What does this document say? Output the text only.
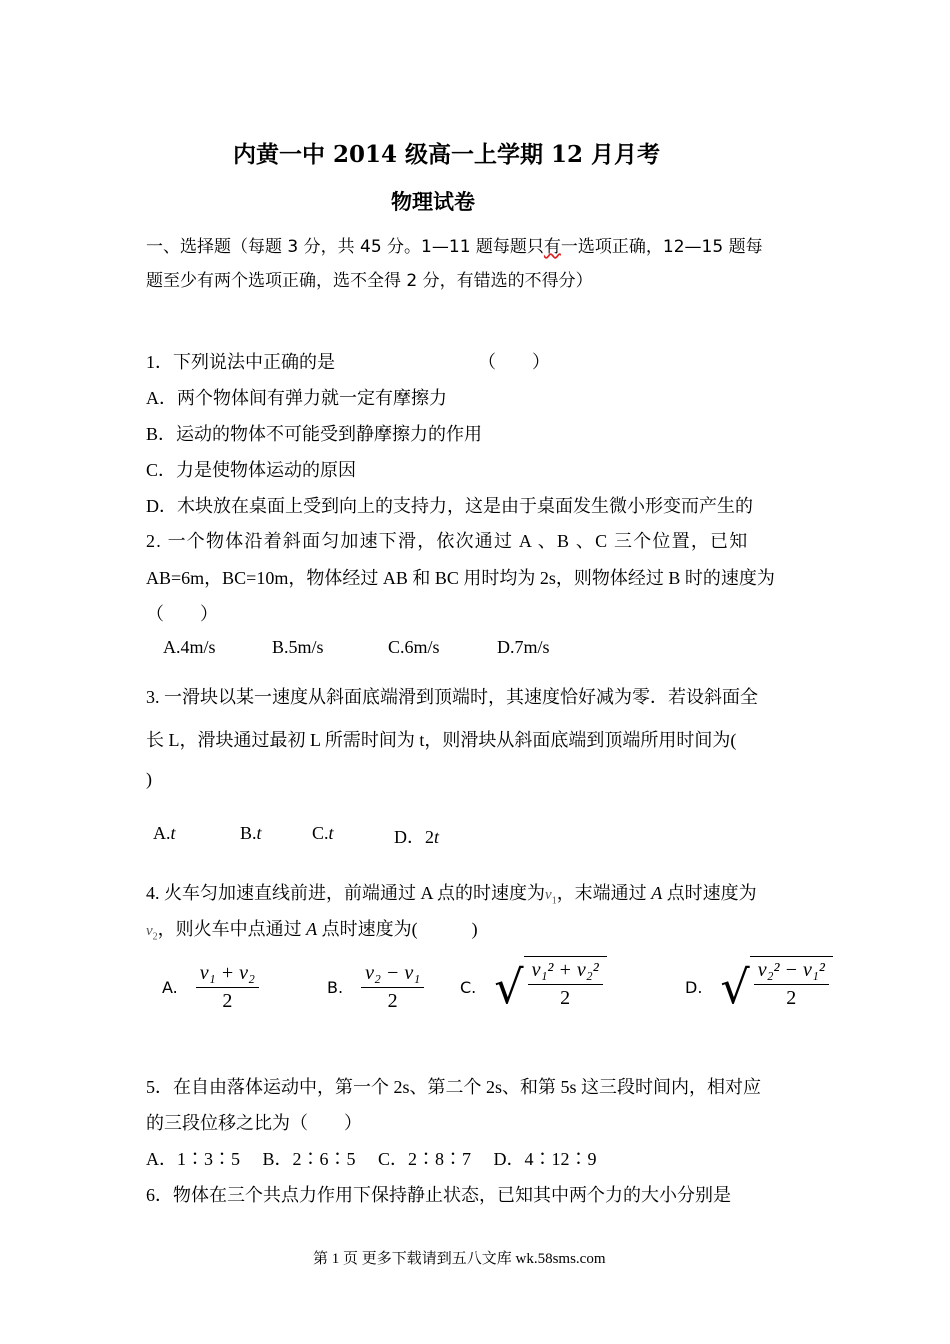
内黄一中 2014 级高一上学期 12 月月考
物理试卷
一、选择题（每题 3 分，共 45 分。1—11 题每题只有一选项正确，12—15 题每
题至少有两个选项正确，选不全得 2 分，有错选的不得分）
1．下列说法中正确的是	（　　）
A．两个物体间有弹力就一定有摩擦力
B．运动的物体不可能受到静摩擦力的作用
C．力是使物体运动的原因
D．木块放在桌面上受到向上的支持力，这是由于桌面发生微小形变而产生的
2. 一个物体沿着斜面匀加速下滑，依次通过 A 、B 、C 三个位置，已知
AB=6m，BC=10m，物体经过 AB 和 BC 用时均为 2s，则物体经过 B 时的速度为
（　　）
A.4m/s	B.5m/s	C.6m/s	D.7m/s
3. 一滑块以某一速度从斜面底端滑到顶端时，其速度恰好减为零．若设斜面全
长 L，滑块通过最初 L 所需时间为 t，则滑块从斜面底端到顶端所用时间为(
)
A.t	B.t	C.t	D．2t
4. 火车匀加速直线前进，前端通过 A 点的时速度为$v_1$，末端通过 A 点时速度为
$v_2$，则火车中点通过 A 点时速度为(　　　)
A. $\frac{\text{v₁ + v₂}}{2}$	B. $\frac{\text{v₂ − v₁}}{2} C$. √ $\frac{\text{v₁² + v₂²}}{2}$	D. √ $\frac{\text{v₂² − v₁²}}{2}$
5．在自由落体运动中，第一个 2s、第二个 2s、和第 5s 这三段时间内，相对应
的三段位移之比为（　　）
A．1∶3∶5　 B．2∶6∶5　 C．2∶8∶7　 D．4∶12∶9
6．物体在三个共点力作用下保持静止状态，已知其中两个力的大小分别是
第 1 页 更多下载请到五八文库 wk.58sms.com
